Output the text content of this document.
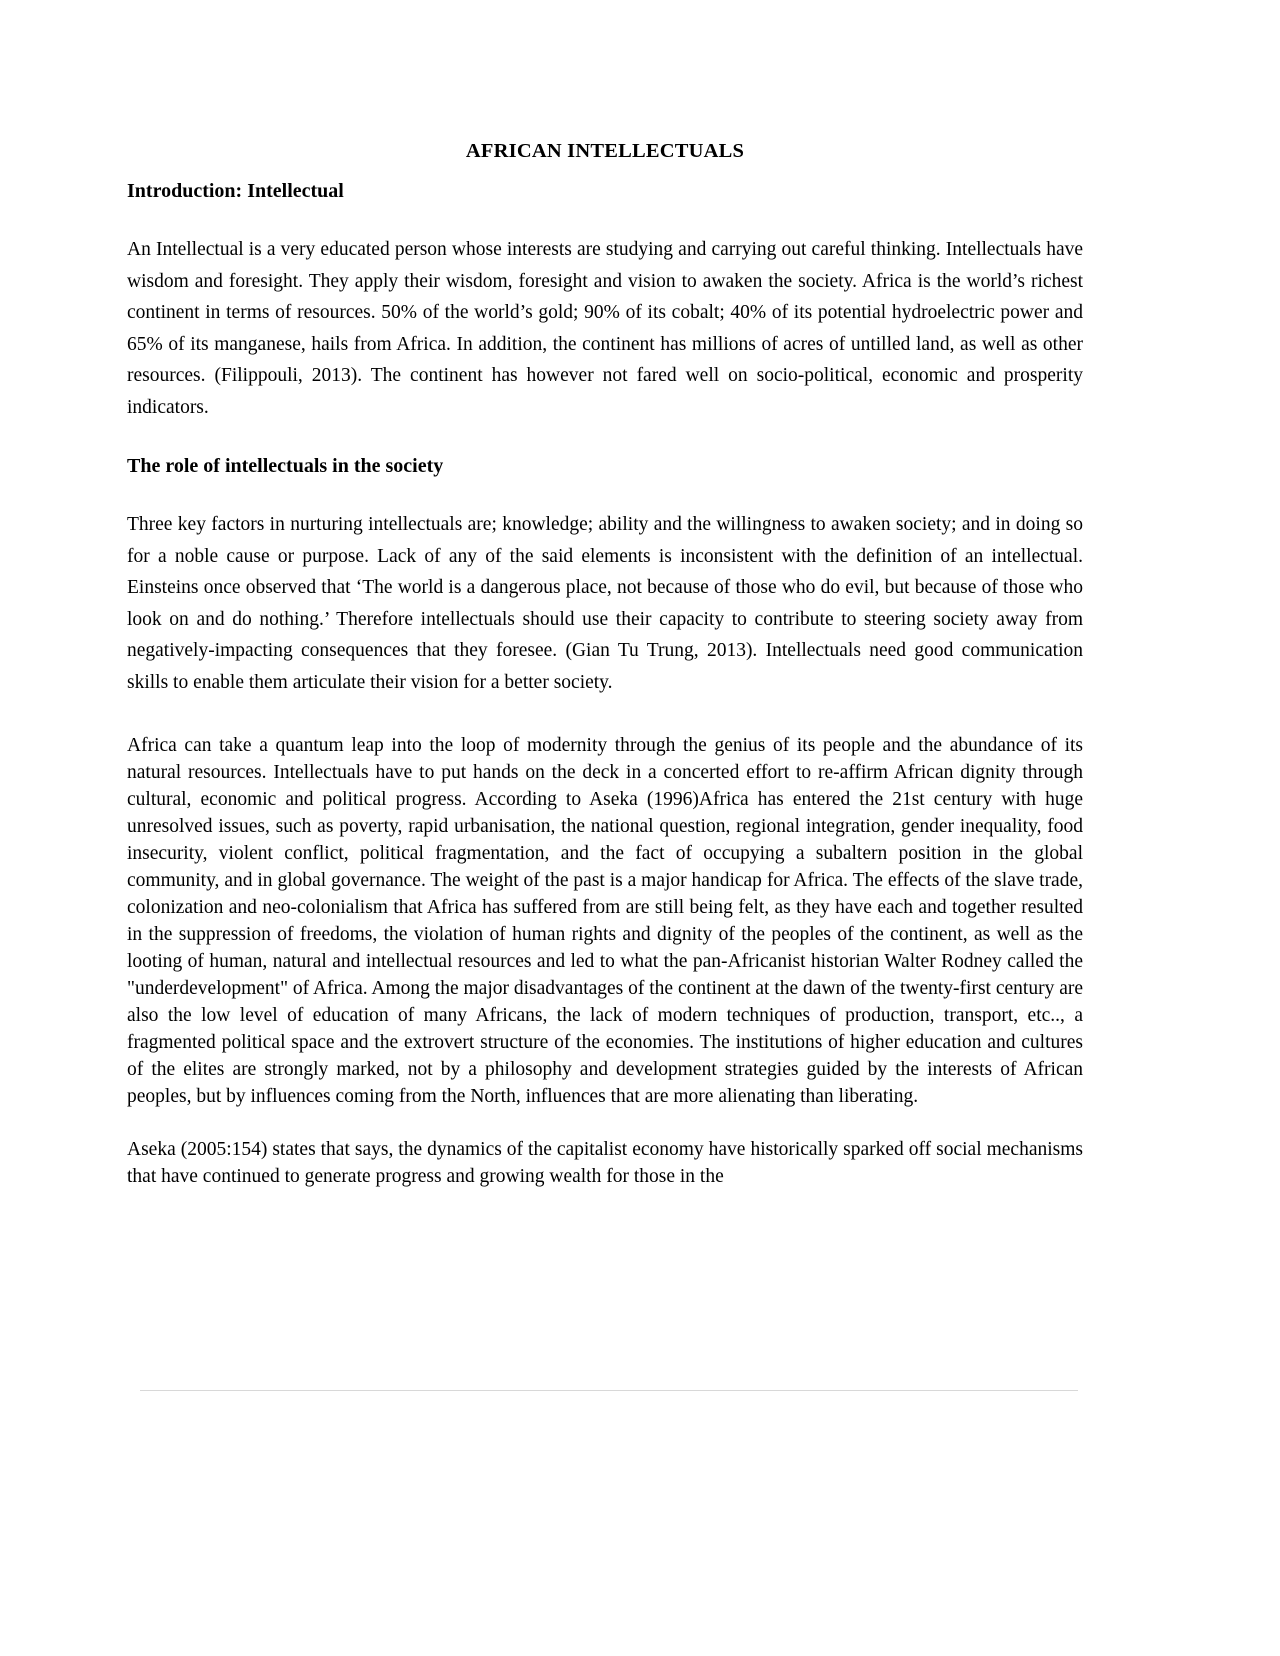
AFRICAN INTELLECTUALS
Introduction: Intellectual

An Intellectual is a very educated person whose interests are studying and carrying out careful thinking. Intellectuals have wisdom and foresight. They apply their wisdom, foresight and vision to awaken the society. Africa is the world’s richest continent in terms of resources. 50% of the world’s gold; 90% of its cobalt; 40% of its potential hydroelectric power and 65% of its manganese, hails from Africa. In addition, the continent has millions of acres of untilled land, as well as other resources. (Filippouli, 2013). The continent has however not fared well on socio-political, economic and prosperity indicators.

The role of intellectuals in the society

Three key factors in nurturing intellectuals are; knowledge; ability and the willingness to awaken society; and in doing so for a noble cause or purpose. Lack of any of the said elements is inconsistent with the definition of an intellectual. Einsteins once observed that ‘The world is a dangerous place, not because of those who do evil, but because of those who look on and do nothing.’ Therefore intellectuals should use their capacity to contribute to steering society away from negatively-impacting consequences that they foresee. (Gian Tu Trung, 2013). Intellectuals need good communication skills to enable them articulate their vision for a better society.

Africa can take a quantum leap into the loop of modernity through the genius of its people and the abundance of its natural resources. Intellectuals have to put hands on the deck in a concerted effort to re-affirm African dignity through cultural, economic and political progress. According to Aseka (1996)Africa has entered the 21st century with huge unresolved issues, such as poverty, rapid urbanisation, the national question, regional integration, gender inequality, food insecurity, violent conflict, political fragmentation, and the fact of occupying a subaltern position in the global community, and in global governance. The weight of the past is a major handicap for Africa. The effects of the slave trade, colonization and neo-colonialism that Africa has suffered from are still being felt, as they have each and together resulted in the suppression of freedoms, the violation of human rights and dignity of the peoples of the continent, as well as the looting of human, natural and intellectual resources and led to what the pan-Africanist historian Walter Rodney called the "underdevelopment" of Africa. Among the major disadvantages of the continent at the dawn of the twenty-first century are also the low level of education of many Africans, the lack of modern techniques of production, transport, etc.., a fragmented political space and the extrovert structure of the economies. The institutions of higher education and cultures of the elites are strongly marked, not by a philosophy and development strategies guided by the interests of African peoples, but by influences coming from the North, influences that are more alienating than liberating.

Aseka (2005:154) states that says, the dynamics of the capitalist economy have historically sparked off social mechanisms that have continued to generate progress and growing wealth for those in the
